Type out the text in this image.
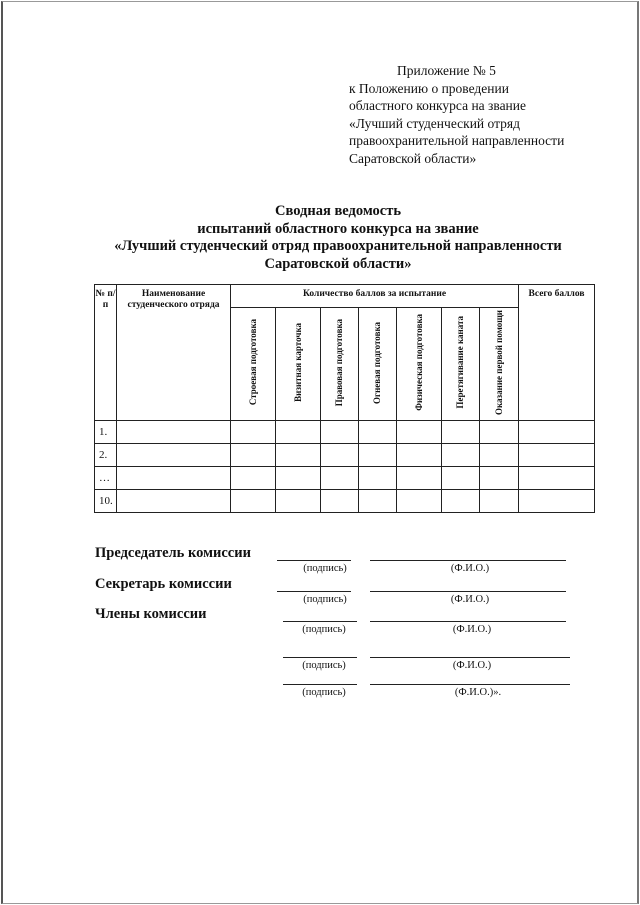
Приложение № 5
к Положению о проведении
областного конкурса на звание
«Лучший студенческий отряд
правоохранительной направленности
Саратовской области»
Сводная ведомость
испытаний областного конкурса на звание
«Лучший студенческий отряд правоохранительной направленности
Саратовской области»
№ п/п	Наименование студенческого отряда	Количество баллов за испытание							Всего баллов
		Строевая подготовка	Визитная карточка	Правовая подготовка	Огневая подготовка	Физическая подготовка	Перетягивание каната	Оказание первой помощи	
1.									
2.									
…									
10.									
Председатель комиссии
(подпись)	(Ф.И.О.)
Секретарь комиссии
(подпись)	(Ф.И.О.)
Члены комиссии
(подпись)	(Ф.И.О.)
(подпись)	(Ф.И.О.)
(подпись)	(Ф.И.О.)».
